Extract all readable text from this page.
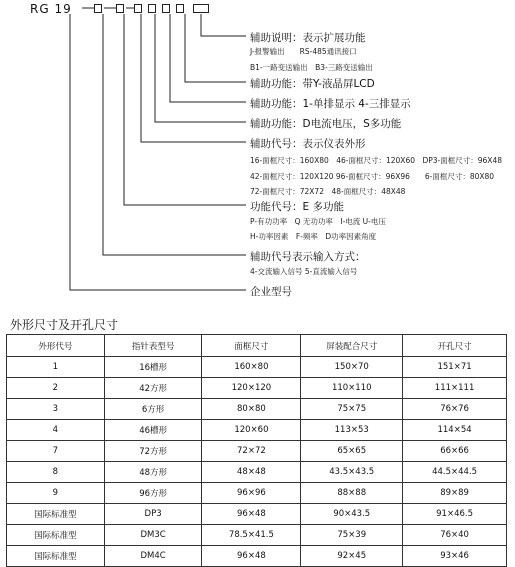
RG 19
辅助说明：表示扩展功能
J-报警输出　　RS-485通讯接口
B1-一路变送输出　B3-三路变送输出
辅助功能：带Y-液晶屏LCD
辅助功能：1-单排显示 4-三排显示
辅助功能：D电流电压，S多功能
辅助代号：表示仪表外形
16-面框尺寸：160X80　46-面框尺寸：120X60　DP3-面框尺寸：96X48
42-面框尺寸：120X120 96-面框尺寸：96X96　　6-面框尺寸：80X80
72-面框尺寸：72X72　48-面框尺寸：48X48
功能代号：E 多功能
P-有功功率　Q 无功功率　I-电流 U-电压
H-功率因素　F-频率　D功率因素角度
辅助代号表示输入方式：
4-交流输入信号 5-直流输入信号
企业型号
外形尺寸及开孔尺寸
外形代号	指针表型号	面框尺寸	屏装配合尺寸	开孔尺寸
1	16槽形	160×80	150×70	151×71
2	42方形	120×120	110×110	111×111
3	6方形	80×80	75×75	76×76
4	46槽形	120×60	113×53	114×54
7	72方形	72×72	65×65	66×66
8	48方形	48×48	43.5×43.5	44.5×44.5
9	96方形	96×96	88×88	89×89
国际标准型	DP3	96×48	90×43.5	91×46.5
国际标准型	DM3C	78.5×41.5	75×39	76×40
国际标准型	DM4C	96×48	92×45	93×46
